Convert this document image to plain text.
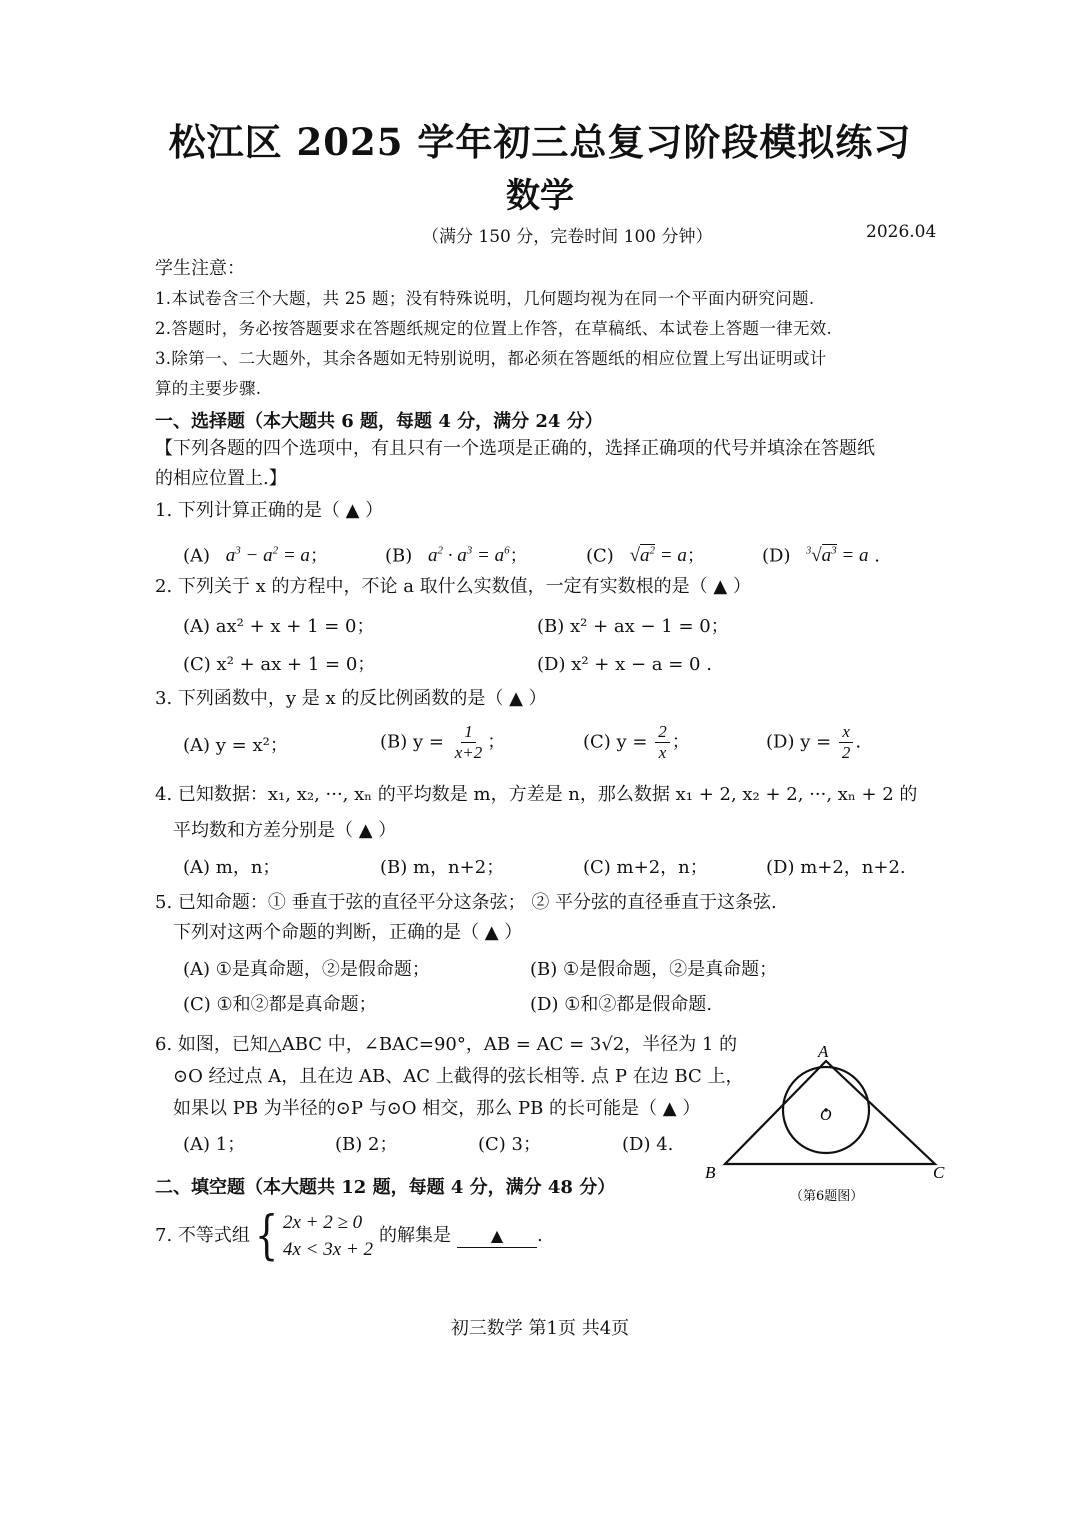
松江区 2025 学年初三总复习阶段模拟练习
数学
（满分 150 分，完卷时间 100 分钟）	2026.04
学生注意：
1.本试卷含三个大题，共 25 题；没有特殊说明，几何题均视为在同一个平面内研究问题.
2.答题时，务必按答题要求在答题纸规定的位置上作答，在草稿纸、本试卷上答题一律无效.
3.除第一、二大题外，其余各题如无特别说明，都必须在答题纸的相应位置上写出证明或计
算的主要步骤.
一、选择题（本大题共 6 题，每题 4 分，满分 24 分）
【下列各题的四个选项中，有且只有一个选项是正确的，选择正确项的代号并填涂在答题纸
的相应位置上.】
1. 下列计算正确的是（ ▲ ）
(A) $a^3 - a^2 = a$；	(B) $a^2 \cdot a^3 = a^6$；	(C) $√a^2 = a$；	(D) $^3√a^3 = a$ .
2. 下列关于 x 的方程中，不论 a 取什么实数值，一定有实数根的是（ ▲ ）
(A) ax² + x + 1 = 0；	(B) x² + ax − 1 = 0；
(C) x² + ax + 1 = 0；	(D) x² + x − a = 0 .
3. 下列函数中，y 是 x 的反比例函数的是（ ▲ ）
(A) y = x²；	(B) $y = \frac{1}{x+2}$ ；	(C) $y = \frac{2}{x}$ ；	(D) $y = \frac{x}{2}$ .
4. 已知数据：x₁, x₂, ···, xₙ 的平均数是 m，方差是 n，那么数据 x₁ + 2, x₂ + 2, ···, xₙ + 2 的
平均数和方差分别是（ ▲ ）
(A) m，n；	(B) m，n+2；	(C) m+2，n；	(D) m+2，n+2.
5. 已知命题：① 垂直于弦的直径平分这条弦； ② 平分弦的直径垂直于这条弦.
下列对这两个命题的判断，正确的是（ ▲ ）
(A) ①是真命题，②是假命题；	(B) ①是假命题，②是真命题；
(C) ①和②都是真命题；	(D) ①和②都是假命题.
6. 如图，已知△ABC 中，∠BAC=90°，AB = AC = 3√2，半径为 1 的
⊙O 经过点 A，且在边 AB、AC 上截得的弦长相等. 点 P 在边 BC 上，
如果以 PB 为半径的⊙P 与⊙O 相交，那么 PB 的长可能是（ ▲ ）
(A) 1；	(B) 2；	(C) 3；	(D) 4.
A
B	C
O
（第6题图）
二、填空题（本大题共 12 题，每题 4 分，满分 48 分）
7. 不等式组 { 2x + 2 ≥ 0
4x < 3x + 2
的解集是	▲	.
初三数学 第1页 共4页
